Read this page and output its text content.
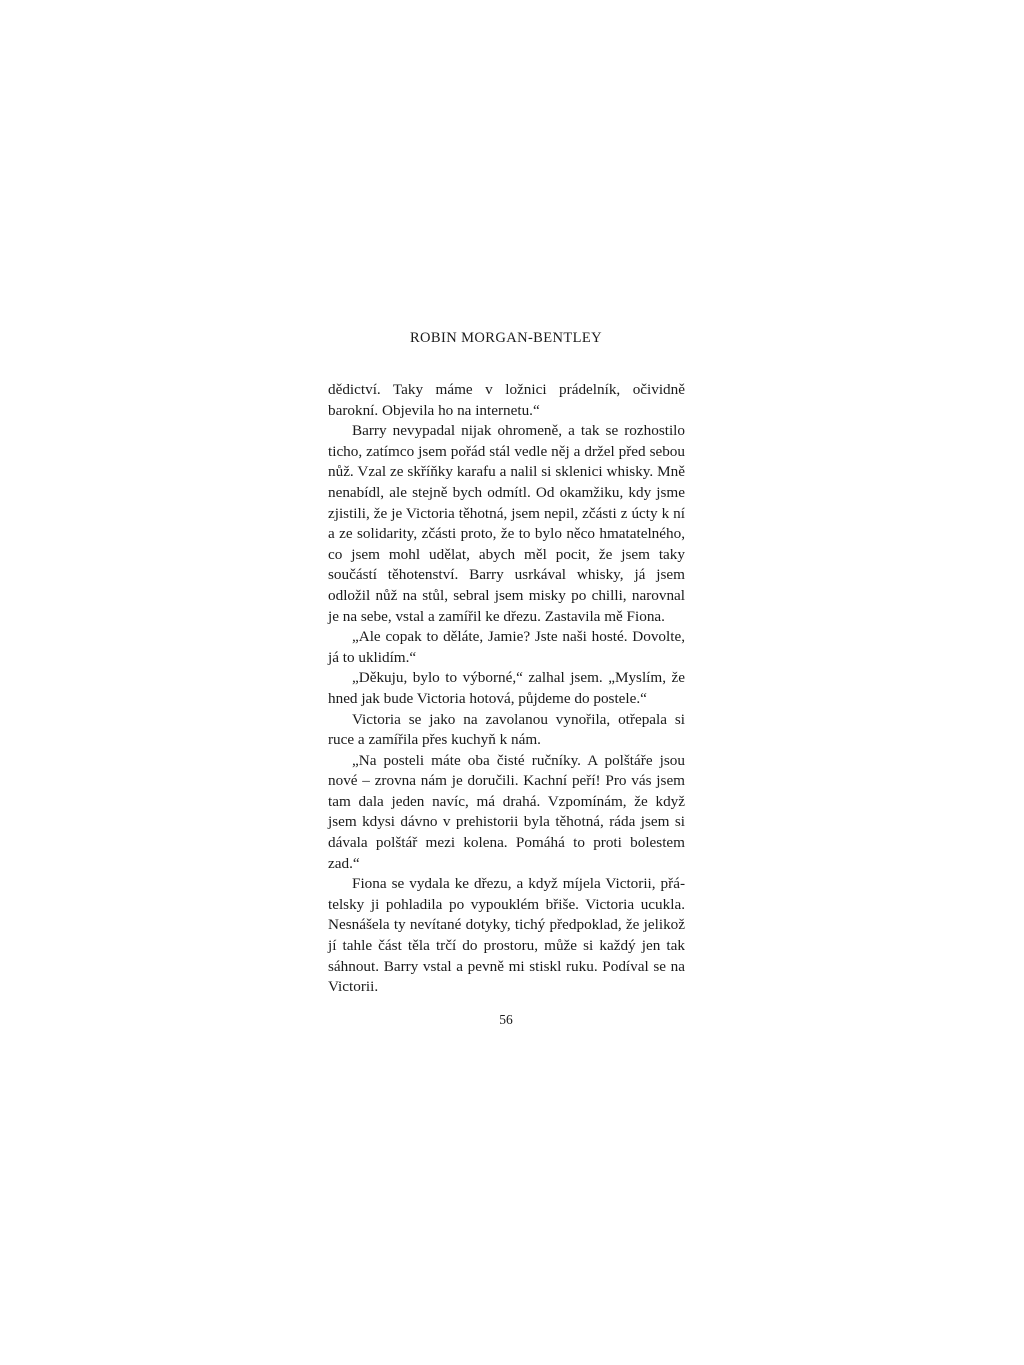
ROBIN MORGAN-BENTLEY

dědictví. Taky máme v ložnici prádelník, očividně barokní. Objevila ho na internetu.“

Barry nevypadal nijak ohromeně, a tak se rozhostilo ticho, zatímco jsem pořád stál vedle něj a držel před sebou nůž. Vzal ze skříňky karafu a nalil si sklenici whisky. Mně nenabídl, ale stejně bych odmítl. Od okamžiku, kdy jsme zjistili, že je Victoria těhotná, jsem nepil, zčásti z úcty k ní a ze solidarity, zčásti proto, že to bylo něco hmatatelného, co jsem mohl udělat, abych měl pocit, že jsem taky součástí těhotenství. Barry usrkával whisky, já jsem odložil nůž na stůl, sebral jsem misky po chilli, narovnal je na sebe, vstal a zamířil ke dřezu. Zastavila mě Fiona.

„Ale copak to děláte, Jamie? Jste naši hosté. Dovolte, já to uklidím.“

„Děkuju, bylo to výborné,“ zalhal jsem. „Myslím, že hned jak bude Victoria hotová, půjdeme do postele.“

Victoria se jako na zavolanou vynořila, otřepala si ruce a zamířila přes kuchyň k nám.

„Na posteli máte oba čisté ručníky. A polštáře jsou nové – zrovna nám je doručili. Kachní peří! Pro vás jsem tam dala jeden navíc, má drahá. Vzpomínám, že když jsem kdysi dávno v prehistorii byla těhotná, ráda jsem si dávala polštář mezi kolena. Pomáhá to proti bolestem zad.“

Fiona se vydala ke dřezu, a když míjela Victorii, přátelsky ji pohladila po vypouklém břiše. Victoria ucukla. Nesnášela ty nevítané dotyky, tichý předpoklad, že jelikož jí tahle část těla trčí do prostoru, může si každý jen tak sáhnout. Barry vstal a pevně mi stiskl ruku. Podíval se na Victorii.

56
